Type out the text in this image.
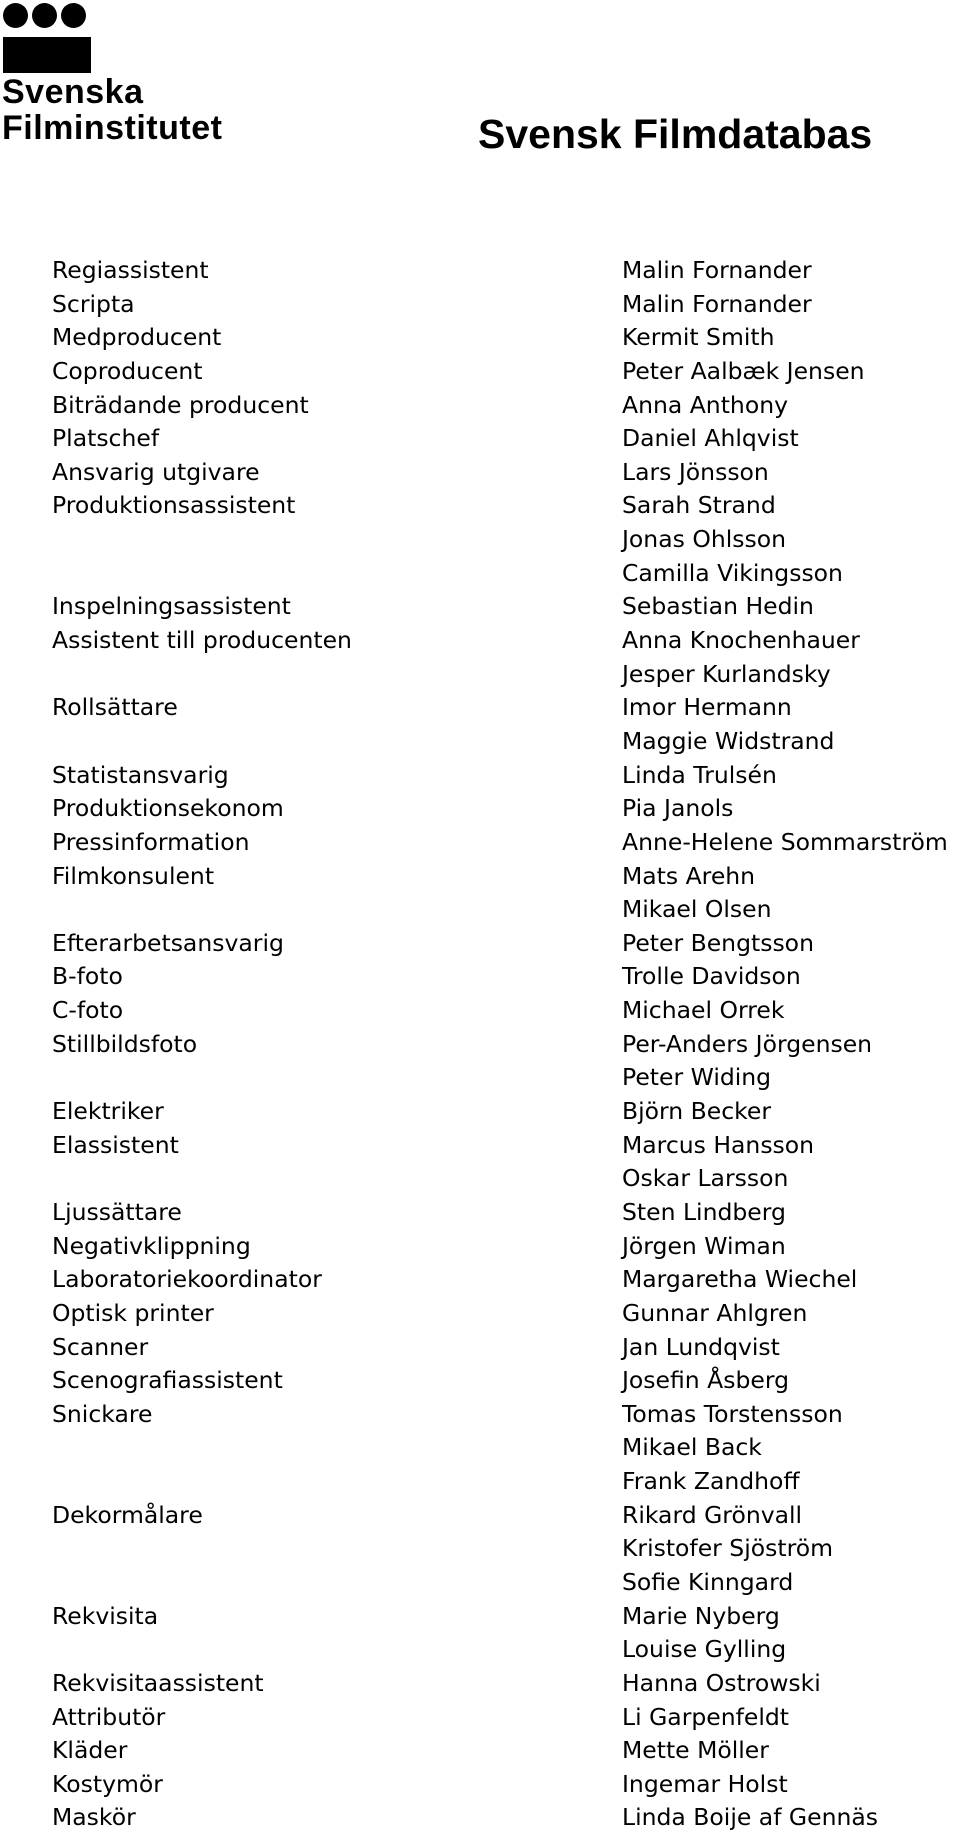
Svenska
Filminstitutet	Svensk Filmdatabas
Regiassistent	Malin Fornander
Scripta	Malin Fornander
Medproducent	Kermit Smith
Coproducent	Peter Aalbæk Jensen
Biträdande producent	Anna Anthony
Platschef	Daniel Ahlqvist
Ansvarig utgivare	Lars Jönsson
Produktionsassistent	Sarah Strand
Jonas Ohlsson
Camilla Vikingsson
Inspelningsassistent	Sebastian Hedin
Assistent till producenten	Anna Knochenhauer
Jesper Kurlandsky
Rollsättare	Imor Hermann
Maggie Widstrand
Statistansvarig	Linda Trulsén
Produktionsekonom	Pia Janols
Pressinformation	Anne-Helene Sommarström
Filmkonsulent	Mats Arehn
Mikael Olsen
Efterarbetsansvarig	Peter Bengtsson
B-foto	Trolle Davidson
C-foto	Michael Orrek
Stillbildsfoto	Per-Anders Jörgensen
Peter Widing
Elektriker	Björn Becker
Elassistent	Marcus Hansson
Oskar Larsson
Ljussättare	Sten Lindberg
Negativklippning	Jörgen Wiman
Laboratoriekoordinator	Margaretha Wiechel
Optisk printer	Gunnar Ahlgren
Scanner	Jan Lundqvist
Scenografiassistent	Josefin Åsberg
Snickare	Tomas Torstensson
Mikael Back
Frank Zandhoff
Dekormålare	Rikard Grönvall
Kristofer Sjöström
Sofie Kinngard
Rekvisita	Marie Nyberg
Louise Gylling
Rekvisitaassistent	Hanna Ostrowski
Attributör	Li Garpenfeldt
Kläder	Mette Möller
Kostymör	Ingemar Holst
Maskör	Linda Boije af Gennäs
